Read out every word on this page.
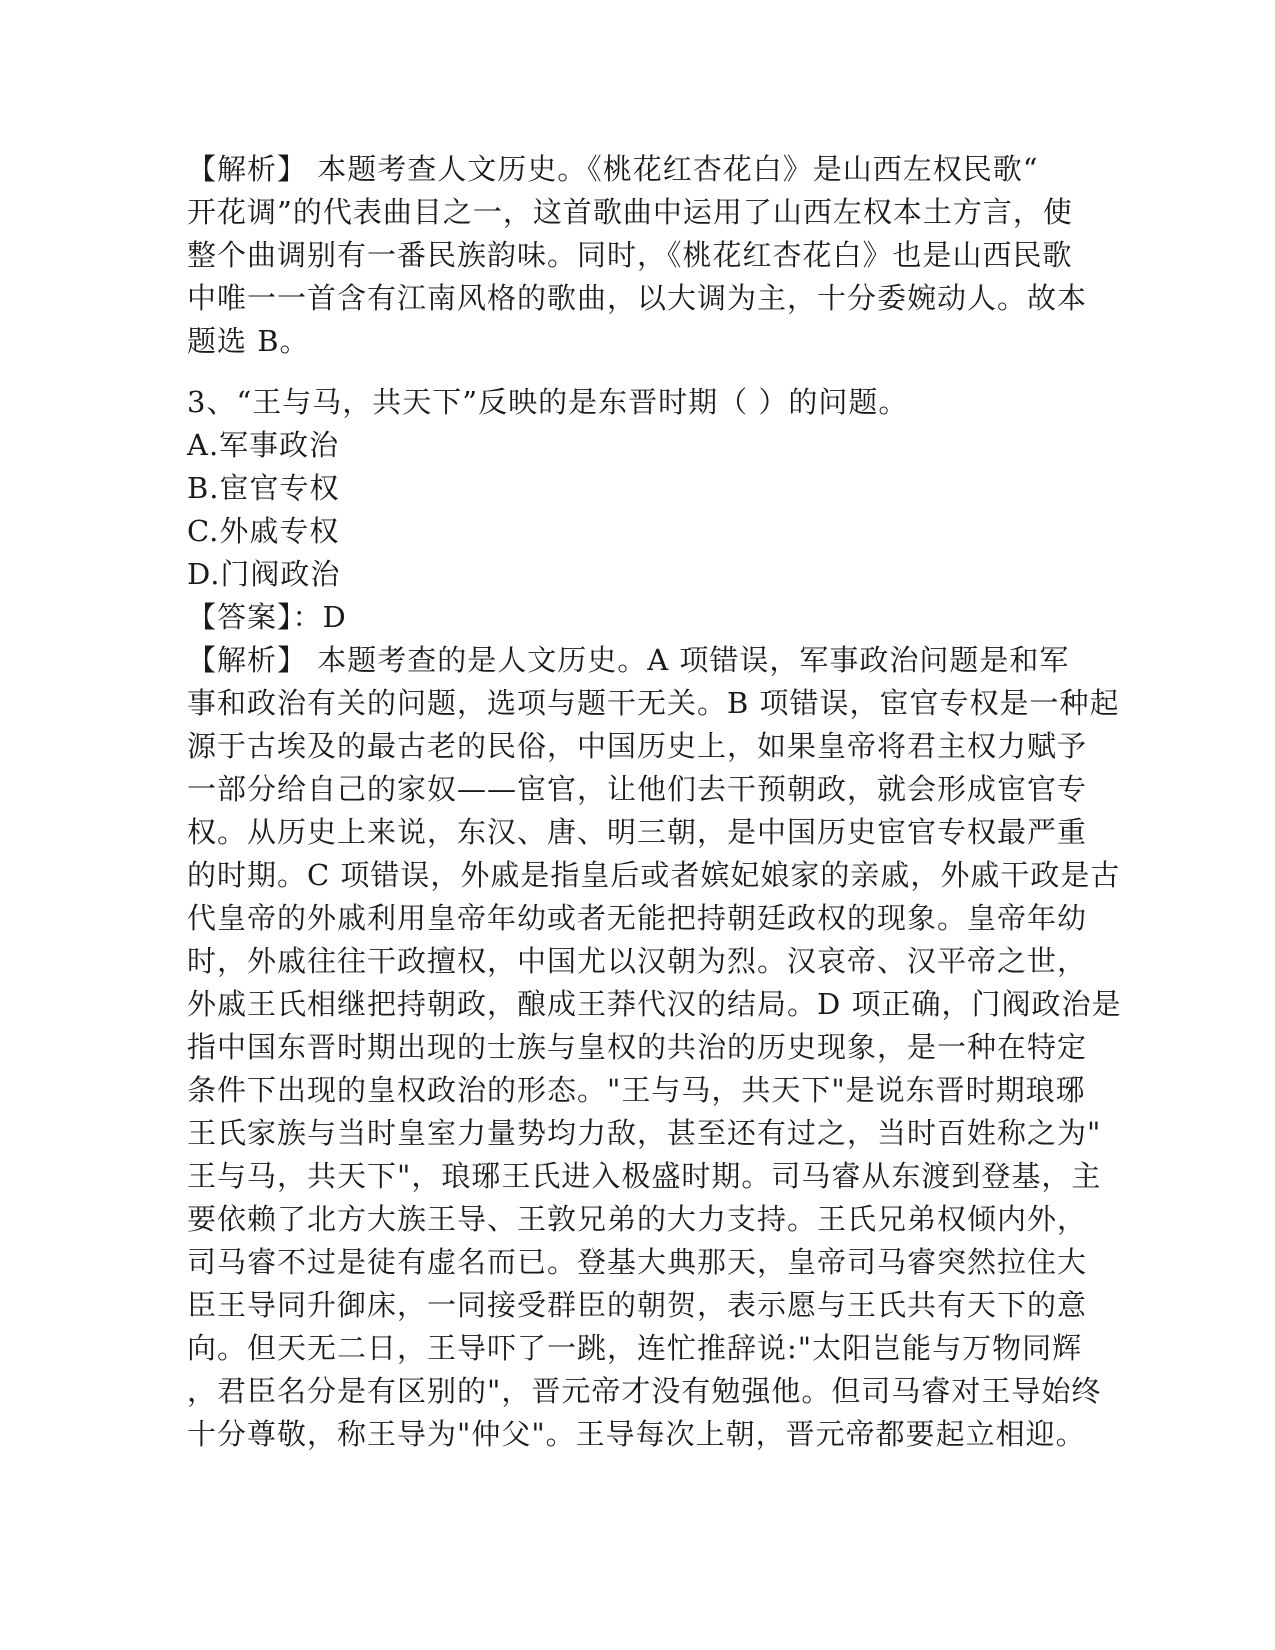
【解析】 本题考查人文历史。《桃花红杏花白》是山西左权民歌“
开花调”的代表曲目之一，这首歌曲中运用了山西左权本土方言，使
整个曲调别有一番民族韵味。同时，《桃花红杏花白》也是山西民歌
中唯一一首含有江南风格的歌曲，以大调为主，十分委婉动人。故本
题选 B。
3、“王与马，共天下”反映的是东晋时期（ ）的问题。
A.军事政治
B.宦官专权
C.外戚专权
D.门阀政治
【答案】：D
【解析】 本题考查的是人文历史。A 项错误，军事政治问题是和军
事和政治有关的问题，选项与题干无关。B 项错误，宦官专权是一种起
源于古埃及的最古老的民俗，中国历史上，如果皇帝将君主权力赋予
一部分给自己的家奴——宦官，让他们去干预朝政，就会形成宦官专
权。从历史上来说，东汉、唐、明三朝，是中国历史宦官专权最严重
的时期。C 项错误，外戚是指皇后或者嫔妃娘家的亲戚，外戚干政是古
代皇帝的外戚利用皇帝年幼或者无能把持朝廷政权的现象。皇帝年幼
时，外戚往往干政擅权，中国尤以汉朝为烈。汉哀帝、汉平帝之世，
外戚王氏相继把持朝政，酿成王莽代汉的结局。D 项正确，门阀政治是
指中国东晋时期出现的士族与皇权的共治的历史现象，是一种在特定
条件下出现的皇权政治的形态。"王与马，共天下"是说东晋时期琅琊
王氏家族与当时皇室力量势均力敌，甚至还有过之，当时百姓称之为"
王与马，共天下"，琅琊王氏进入极盛时期。司马睿从东渡到登基，主
要依赖了北方大族王导、王敦兄弟的大力支持。王氏兄弟权倾内外，
司马睿不过是徒有虚名而已。登基大典那天，皇帝司马睿突然拉住大
臣王导同升御床，一同接受群臣的朝贺，表示愿与王氏共有天下的意
向。但天无二日，王导吓了一跳，连忙推辞说:"太阳岂能与万物同辉
，君臣名分是有区别的"，晋元帝才没有勉强他。但司马睿对王导始终
十分尊敬，称王导为"仲父"。王导每次上朝，晋元帝都要起立相迎。
